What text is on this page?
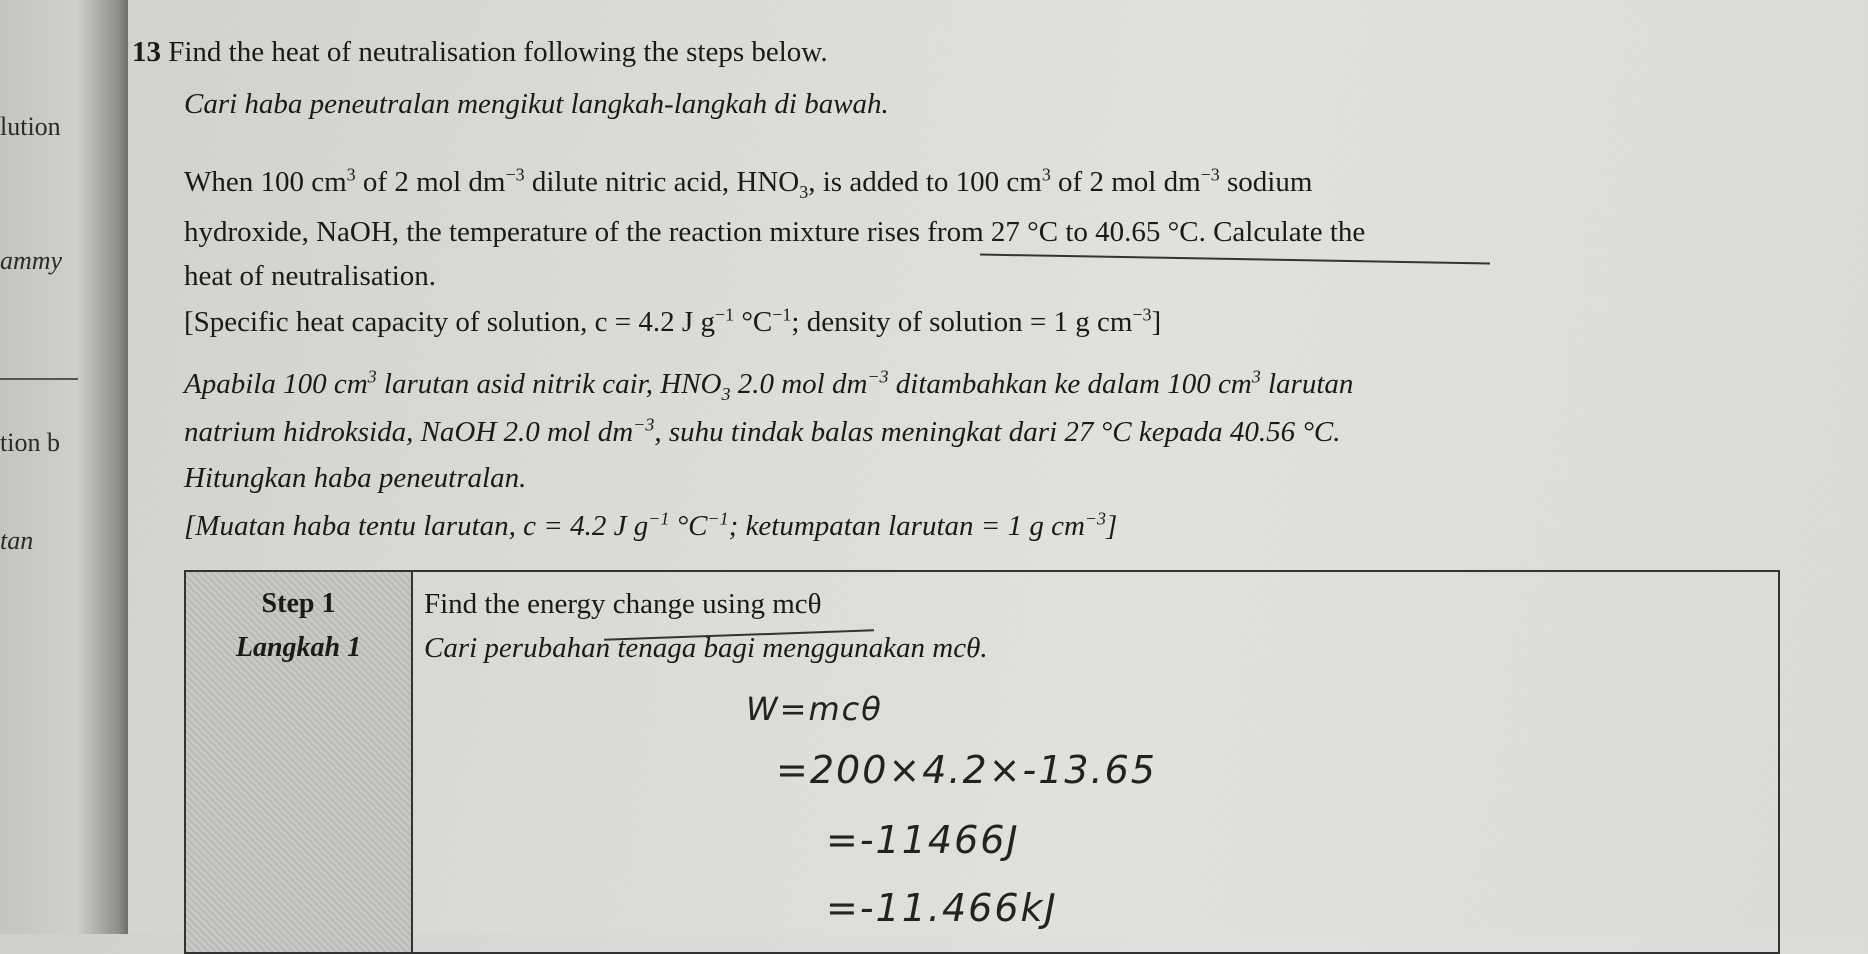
lution
ammy
tion b
tan
13 Find the heat of neutralisation following the steps below.
Cari haba peneutralan mengikut langkah-langkah di bawah.
When 100 $cm^3$ of 2 mol $dm^{-3}$ dilute nitric acid, $HNO_3$, is added to 100 $cm^3$ of 2 mol $dm^{-3}$ sodium
hydroxide, NaOH, the temperature of the reaction mixture rises from 27 °C to 40.65 °C. Calculate the
heat of neutralisation.
[Specific heat capacity of solution, c = 4.2 J $g^{-1}$ $^\circ C^{-1}$; density of solution = 1 g $cm^{-3}$]
Apabila 100 $cm^3$ larutan asid nitrik cair, $HNO_3$ 2.0 mol $dm^{-3}$ ditambahkan ke dalam 100 $cm^3$ larutan
natrium hidroksida, NaOH 2.0 mol $dm^{-3}$, suhu tindak balas meningkat dari 27 °C kepada 40.56 °C.
Hitungkan haba peneutralan.
[Muatan haba tentu larutan, c = 4.2 J $g^{-1}$ $^\circ C^{-1}$; ketumpatan larutan = 1 g $cm^{-3}$]
Step 1
Langkah 1
Find the energy change using mcθ
Cari perubahan tenaga bagi menggunakan mcθ.
W=mcθ
=200×4.2×-13.65
=-11466J
=-11.466kJ
